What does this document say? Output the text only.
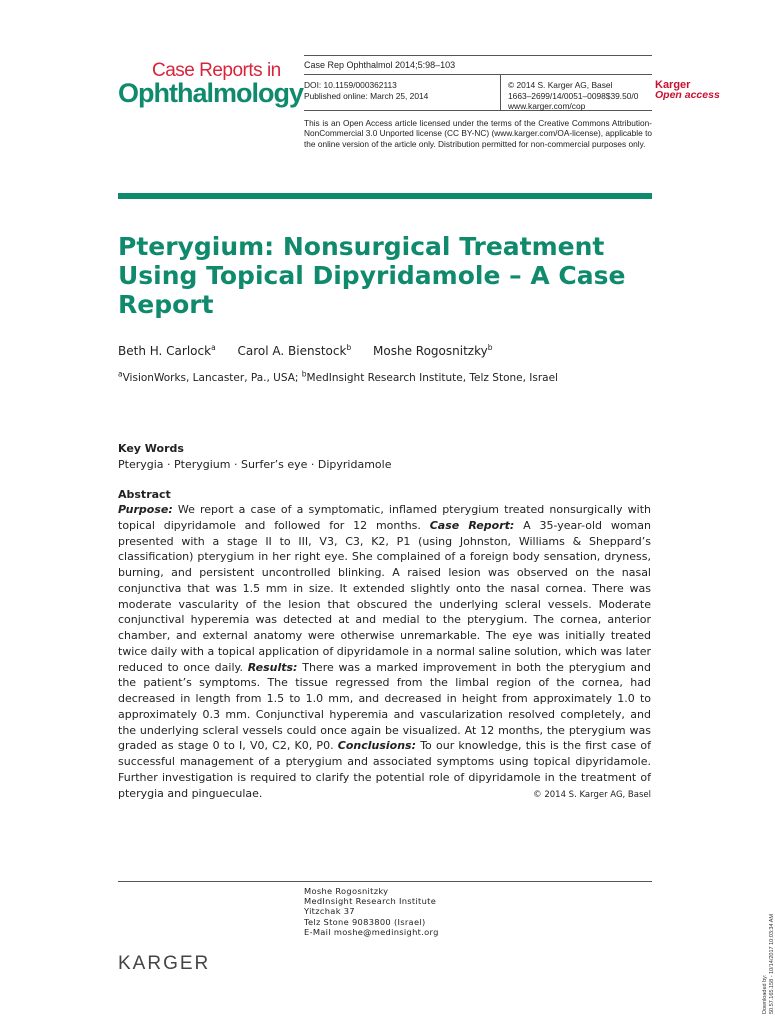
Case Reports in
Ophthalmology
Case Rep Ophthalmol 2014;5:98–103
DOI: 10.1159/000362113
Published online: March 25, 2014
© 2014 S. Karger AG, Basel
1663–2699/14/0051–0098$39.50/0
www.karger.com/cop
Karger
Open access
This is an Open Access article licensed under the terms of the Creative Commons Attribution-NonCommercial 3.0 Unported license (CC BY-NC) (www.karger.com/OA-license), applicable to the online version of the article only. Distribution permitted for non-commercial purposes only.
Pterygium: Nonsurgical Treatment Using Topical Dipyridamole – A Case Report
Beth H. Carlock$^a$ Carol A. Bienstock$^b$ Moshe Rogosnitzky$^b$
$^a$VisionWorks, Lancaster, Pa., USA; $^b$MedInsight Research Institute, Telz Stone, Israel
Key Words
Pterygia · Pterygium · Surfer’s eye · Dipyridamole
Abstract
Purpose: We report a case of a symptomatic, inflamed pterygium treated nonsurgically with topical dipyridamole and followed for 12 months. Case Report: A 35-year-old woman presented with a stage II to III, V3, C3, K2, P1 (using Johnston, Williams & Sheppard’s classification) pterygium in her right eye. She complained of a foreign body sensation, dryness, burning, and persistent uncontrolled blinking. A raised lesion was observed on the nasal conjunctiva that was 1.5 mm in size. It extended slightly onto the nasal cornea. There was moderate vascularity of the lesion that obscured the underlying scleral vessels. Moderate conjunctival hyperemia was detected at and medial to the pterygium. The cornea, anterior chamber, and external anatomy were otherwise unremarkable. The eye was initially treated twice daily with a topical application of dipyridamole in a normal saline solution, which was later reduced to once daily. Results: There was a marked improvement in both the pterygium and the patient’s symptoms. The tissue regressed from the limbal region of the cornea, had decreased in length from 1.5 to 1.0 mm, and decreased in height from approximately 1.0 to approximately 0.3 mm. Conjunctival hyperemia and vascularization resolved completely, and the underlying scleral vessels could once again be visualized. At 12 months, the pterygium was graded as stage 0 to I, V0, C2, K0, P0. Conclusions: To our knowledge, this is the first case of successful management of a pterygium and associated symptoms using topical dipyridamole. Further investigation is required to clarify the potential role of dipyridamole in the treatment of pterygia and pingueculae.	© 2014 S. Karger AG, Basel
Moshe Rogosnitzky
MedInsight Research Institute
Yitzchak 37
Telz Stone 9083800 (Israel)
E-Mail moshe@medinsight.org
KARGER
Downloaded by: 50.57.165.158 - 10/14/2017 10:03:34 AM
